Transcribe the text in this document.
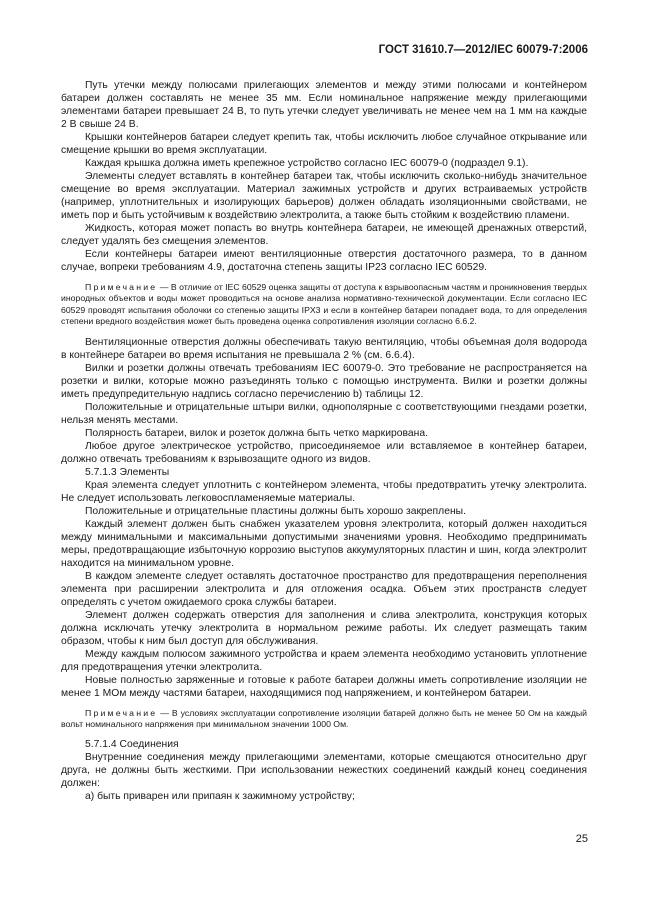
ГОСТ 31610.7—2012/IEC 60079-7:2006

Путь утечки между полюсами прилегающих элементов и между этими полюсами и контейнером батареи должен составлять не менее 35 мм. Если номинальное напряжение между прилегающими элементами батареи превышает 24 В, то путь утечки следует увеличивать не менее чем на 1 мм на каждые 2 В свыше 24 В.

Крышки контейнеров батареи следует крепить так, чтобы исключить любое случайное открывание или смещение крышки во время эксплуатации.

Каждая крышка должна иметь крепежное устройство согласно IEC 60079-0 (подраздел 9.1).

Элементы следует вставлять в контейнер батареи так, чтобы исключить сколько-нибудь значительное смещение во время эксплуатации. Материал зажимных устройств и других встраиваемых устройств (например, уплотнительных и изолирующих барьеров) должен обладать изоляционными свойствами, не иметь пор и быть устойчивым к воздействию электролита, а также быть стойким к воздействию пламени.

Жидкость, которая может попасть во внутрь контейнера батареи, не имеющей дренажных отверстий, следует удалять без смещения элементов.

Если контейнеры батареи имеют вентиляционные отверстия достаточного размера, то в данном случае, вопреки требованиям 4.9, достаточна степень защиты IP23 согласно IEC 60529.

Примечание — В отличие от IEC 60529 оценка защиты от доступа к взрывоопасным частям и проникновения твердых инородных объектов и воды может проводиться на основе анализа нормативно-технической документации. Если согласно IEC 60529 проводят испытания оболочки со степенью защиты IPX3 и если в контейнер батареи попадает вода, то для определения степени вредного воздействия может быть проведена оценка сопротивления изоляции согласно 6.6.2.

Вентиляционные отверстия должны обеспечивать такую вентиляцию, чтобы объемная доля водорода в контейнере батареи во время испытания не превышала 2 % (см. 6.6.4).

Вилки и розетки должны отвечать требованиям IEC 60079-0. Это требование не распространяется на розетки и вилки, которые можно разъединять только с помощью инструмента. Вилки и розетки должны иметь предупредительную надпись согласно перечислению b) таблицы 12.

Положительные и отрицательные штыри вилки, однополярные с соответствующими гнездами розетки, нельзя менять местами.

Полярность батареи, вилок и розеток должна быть четко маркирована.

Любое другое электрическое устройство, присоединяемое или вставляемое в контейнер батареи, должно отвечать требованиям к взрывозащите одного из видов.

5.7.1.3 Элементы

Края элемента следует уплотнить с контейнером элемента, чтобы предотвратить утечку электролита. Не следует использовать легковоспламеняемые материалы.

Положительные и отрицательные пластины должны быть хорошо закреплены.

Каждый элемент должен быть снабжен указателем уровня электролита, который должен находиться между минимальными и максимальными допустимыми значениями уровня. Необходимо предпринимать меры, предотвращающие избыточную коррозию выступов аккумуляторных пластин и шин, когда электролит находится на минимальном уровне.

В каждом элементе следует оставлять достаточное пространство для предотвращения переполнения элемента при расширении электролита и для отложения осадка. Объем этих пространств следует определять с учетом ожидаемого срока службы батареи.

Элемент должен содержать отверстия для заполнения и слива электролита, конструкция которых должна исключать утечку электролита в нормальном режиме работы. Их следует размещать таким образом, чтобы к ним был доступ для обслуживания.

Между каждым полюсом зажимного устройства и краем элемента необходимо установить уплотнение для предотвращения утечки электролита.

Новые полностью заряженные и готовые к работе батареи должны иметь сопротивление изоляции не менее 1 МОм между частями батареи, находящимися под напряжением, и контейнером батареи.

Примечание — В условиях эксплуатации сопротивление изоляции батарей должно быть не менее 50 Ом на каждый вольт номинального напряжения при минимальном значении 1000 Ом.

5.7.1.4 Соединения

Внутренние соединения между прилегающими элементами, которые смещаются относительно друг друга, не должны быть жесткими. При использовании нежестких соединений каждый конец соединения должен:

а) быть приварен или припаян к зажимному устройству;

25
